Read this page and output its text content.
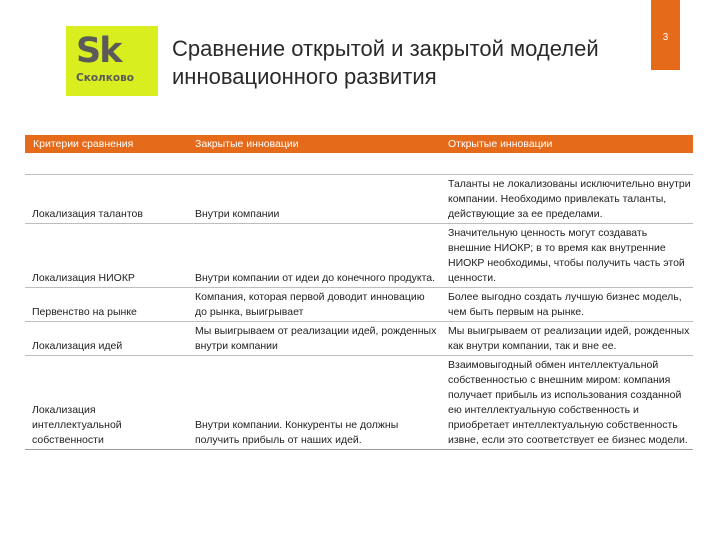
Sk
Сколково
Сравнение открытой и закрытой моделей
инновационного развития
3
Критерии сравнения	Закрытые инновации	Открытые инновации

Локализация талантов	Внутри компании	Таланты не локализованы исключительно внутри компании. Необходимо привлекать таланты, действующие за ее пределами.
Локализация НИОКР	Внутри компании от идеи до конечного продукта.	Значительную ценность могут создавать внешние НИОКР; в то время как внутренние НИОКР необходимы, чтобы получить часть этой ценности.
Первенство на рынке	Компания, которая первой доводит инновацию до рынка, выигрывает	Более выгодно создать лучшую бизнес модель, чем быть первым на рынке.
Локализация идей	Мы выигрываем от реализации идей, рожденных внутри компании	Мы выигрываем от реализации идей, рожденных как внутри компании, так и вне ее.
Локализация интеллектуальной собственности	Внутри компании. Конкуренты не должны получить прибыль от наших идей.	Взаимовыгодный обмен интеллектуальной собственностью с внешним миром: компания получает прибыль из использования созданной ею интеллектуальную собственность и приобретает интеллектуальную собственность извне, если это соответствует ее бизнес модели.
